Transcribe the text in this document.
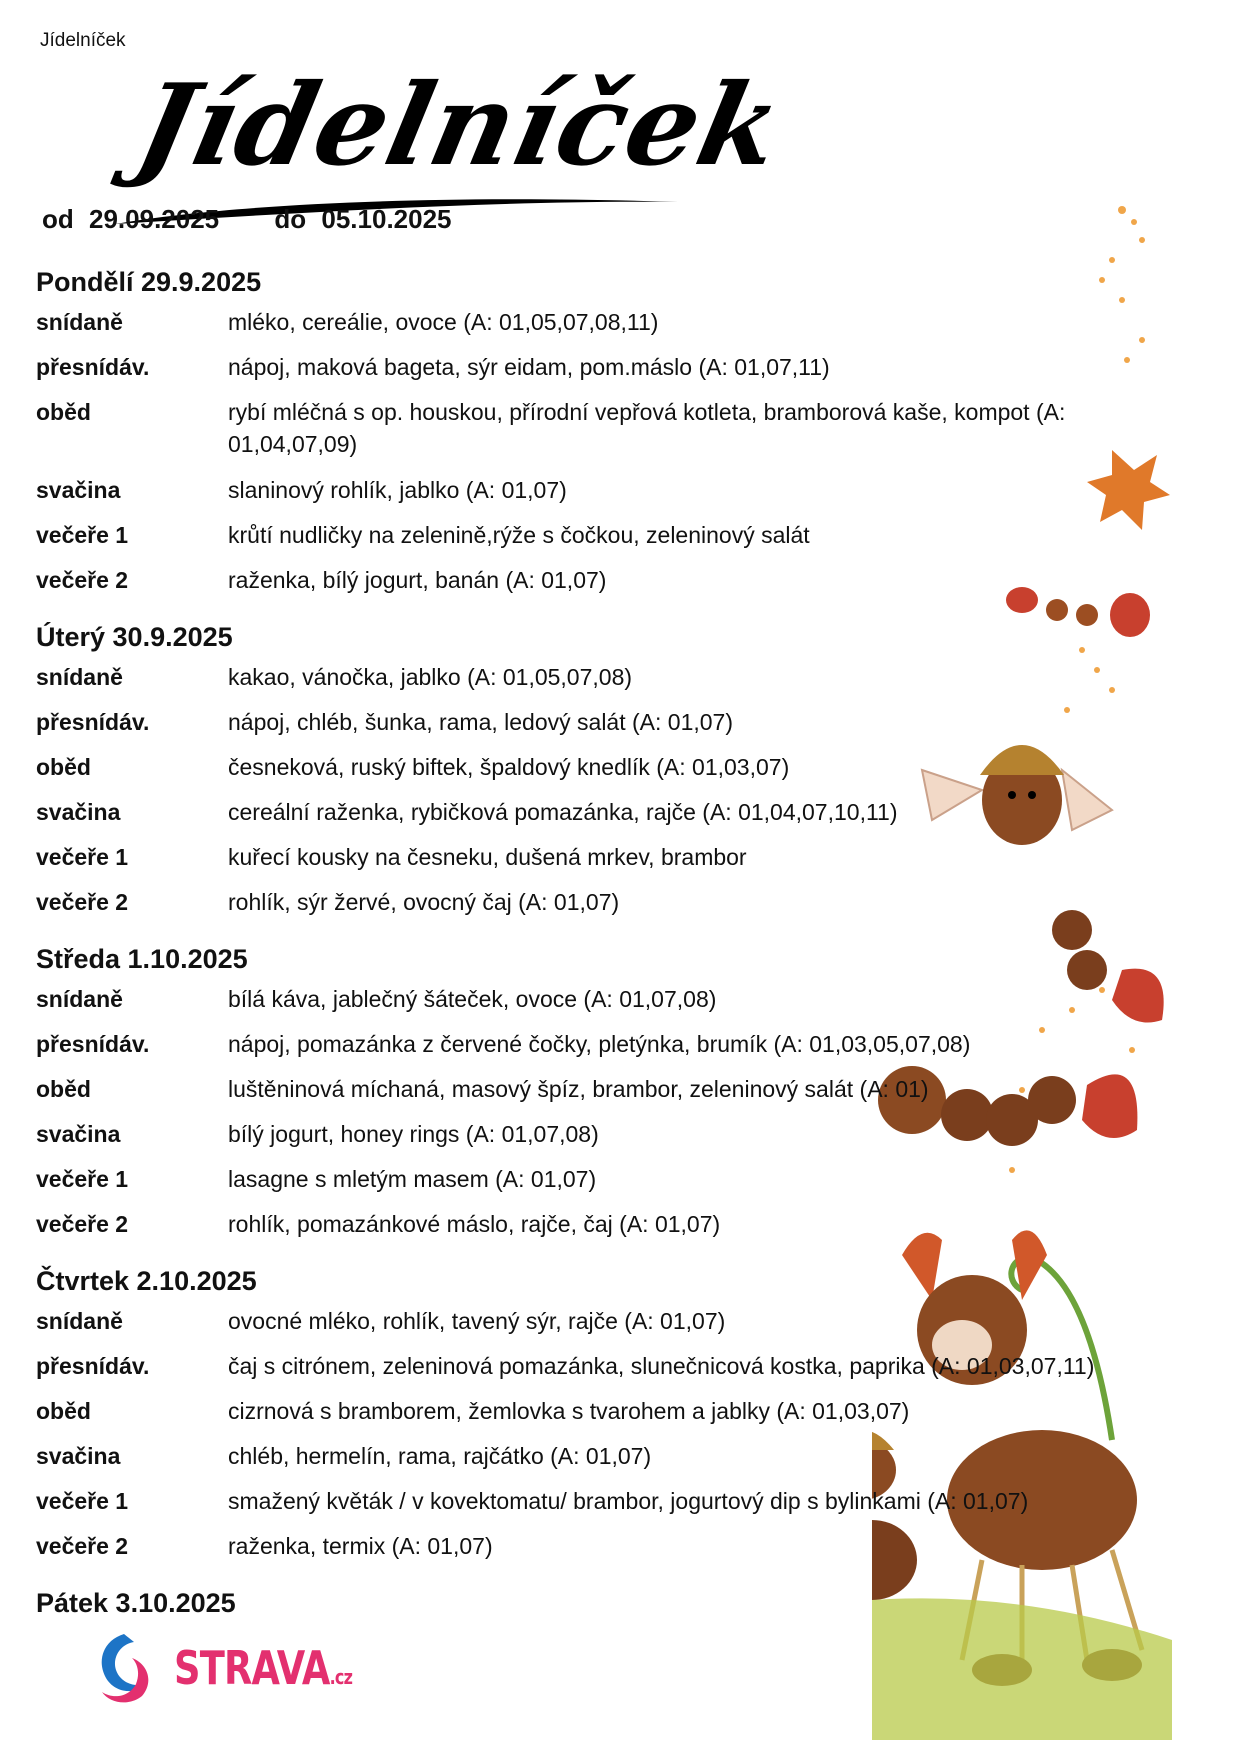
Jídelníček
Jídelníček
od 29.09.2025 do 05.10.2025
Pondělí 29.9.2025
snídaně	mléko, cereálie, ovoce (A: 01,05,07,08,11)
přesnídáv.	nápoj, maková bageta, sýr eidam, pom.máslo (A: 01,07,11)
oběd	rybí mléčná s op. houskou, přírodní vepřová kotleta, bramborová kaše, kompot (A: 01,04,07,09)
svačina	slaninový rohlík, jablko (A: 01,07)
večeře 1	krůtí nudličky na zelenině,rýže s čočkou, zeleninový salát
večeře 2	raženka, bílý jogurt, banán (A: 01,07)
Úterý 30.9.2025
snídaně	kakao, vánočka, jablko (A: 01,05,07,08)
přesnídáv.	nápoj, chléb, šunka, rama, ledový salát (A: 01,07)
oběd	česneková, ruský biftek, špaldový knedlík (A: 01,03,07)
svačina	cereální raženka, rybičková pomazánka, rajče (A: 01,04,07,10,11)
večeře 1	kuřecí kousky na česneku, dušená mrkev, brambor
večeře 2	rohlík, sýr žervé, ovocný čaj (A: 01,07)
Středa 1.10.2025
snídaně	bílá káva, jablečný šáteček, ovoce (A: 01,07,08)
přesnídáv.	nápoj, pomazánka z červené čočky, pletýnka, brumík (A: 01,03,05,07,08)
oběd	luštěninová míchaná, masový špíz, brambor, zeleninový salát (A: 01)
svačina	bílý jogurt, honey rings (A: 01,07,08)
večeře 1	lasagne s mletým masem (A: 01,07)
večeře 2	rohlík, pomazánkové máslo, rajče, čaj (A: 01,07)
Čtvrtek 2.10.2025
snídaně	ovocné mléko, rohlík, tavený sýr, rajče (A: 01,07)
přesnídáv.	čaj s citrónem, zeleninová pomazánka, slunečnicová kostka, paprika (A: 01,03,07,11)
oběd	cizrnová s bramborem, žemlovka s tvarohem a jablky (A: 01,03,07)
svačina	chléb, hermelín, rama, rajčátko (A: 01,07)
večeře 1	smažený květák / v kovektomatu/ brambor, jogurtový dip s bylinkami (A: 01,07)
večeře 2	raženka, termix (A: 01,07)
Pátek 3.10.2025
STRAVA.cz
